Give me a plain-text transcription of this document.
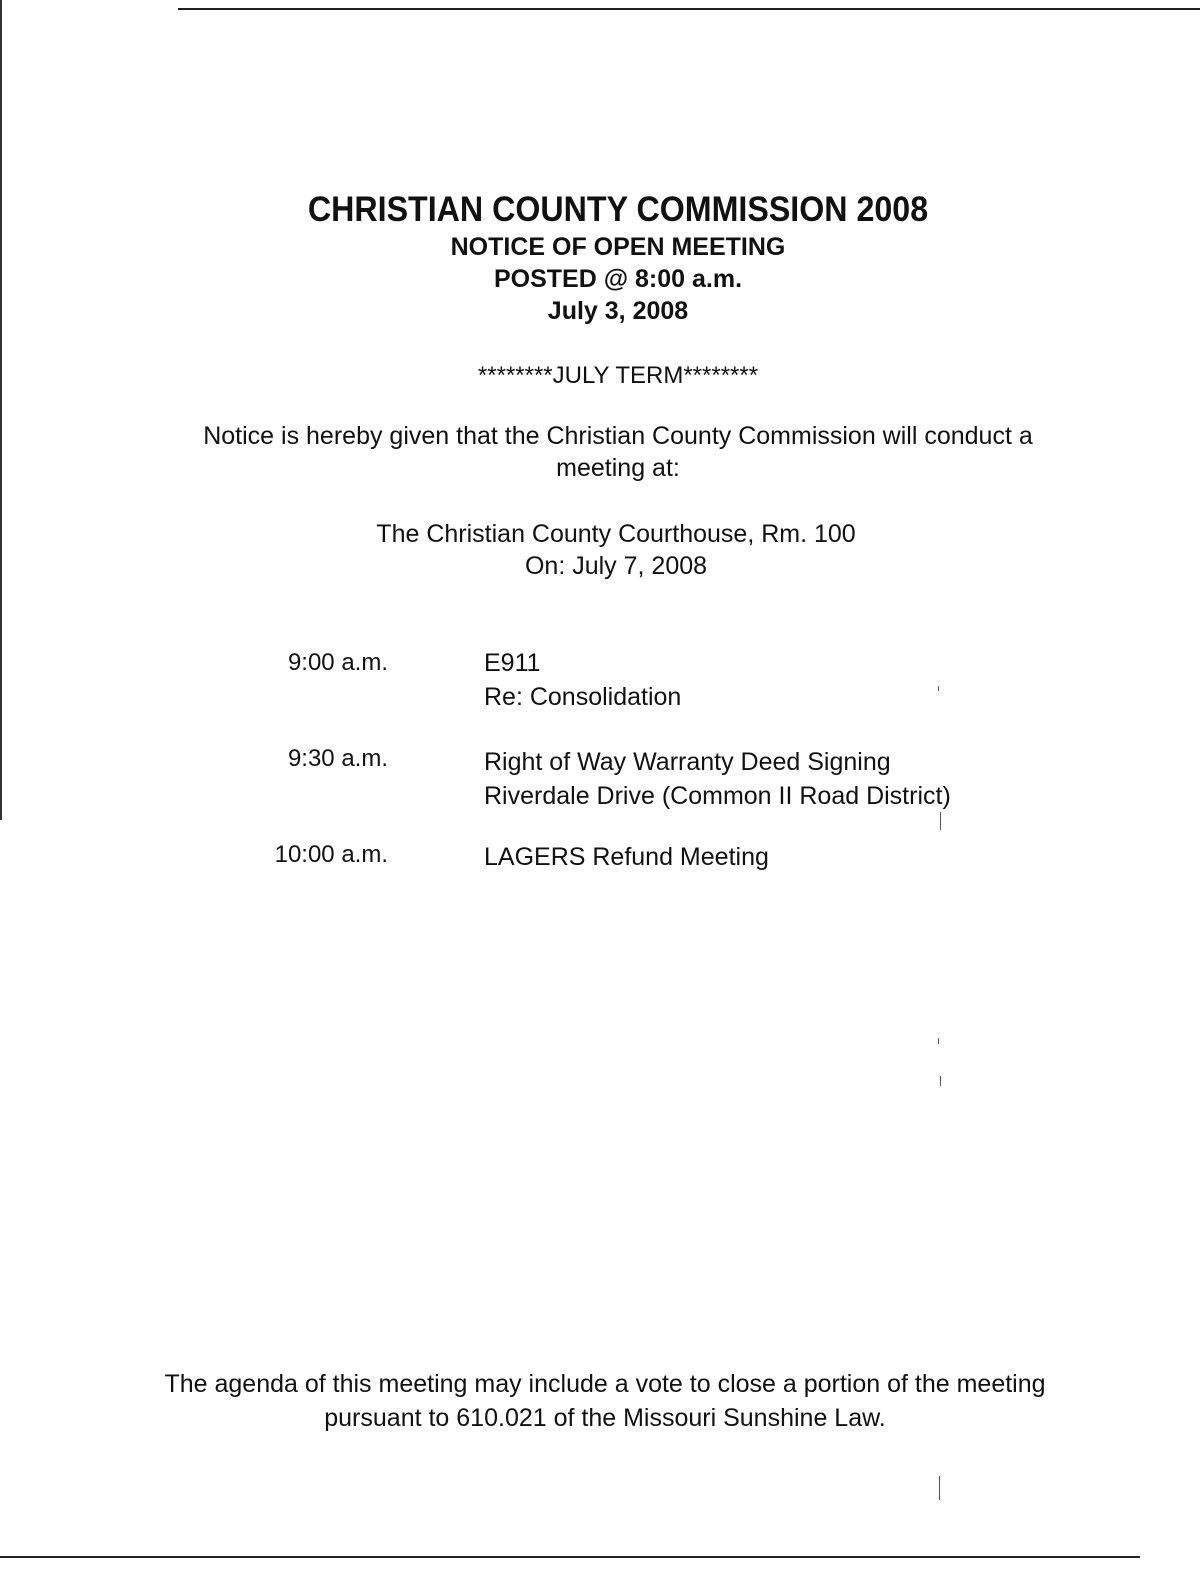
CHRISTIAN COUNTY COMMISSION 2008
NOTICE OF OPEN MEETING
POSTED @ 8:00 a.m.
July 3, 2008
********JULY TERM********
Notice is hereby given that the Christian County Commission will conduct a
meeting at:
The Christian County Courthouse, Rm. 100
On: July 7, 2008
9:00 a.m.	E911
Re: Consolidation
9:30 a.m.	Right of Way Warranty Deed Signing
Riverdale Drive (Common II Road District)
10:00 a.m.	LAGERS Refund Meeting
The agenda of this meeting may include a vote to close a portion of the meeting
pursuant to 610.021 of the Missouri Sunshine Law.
